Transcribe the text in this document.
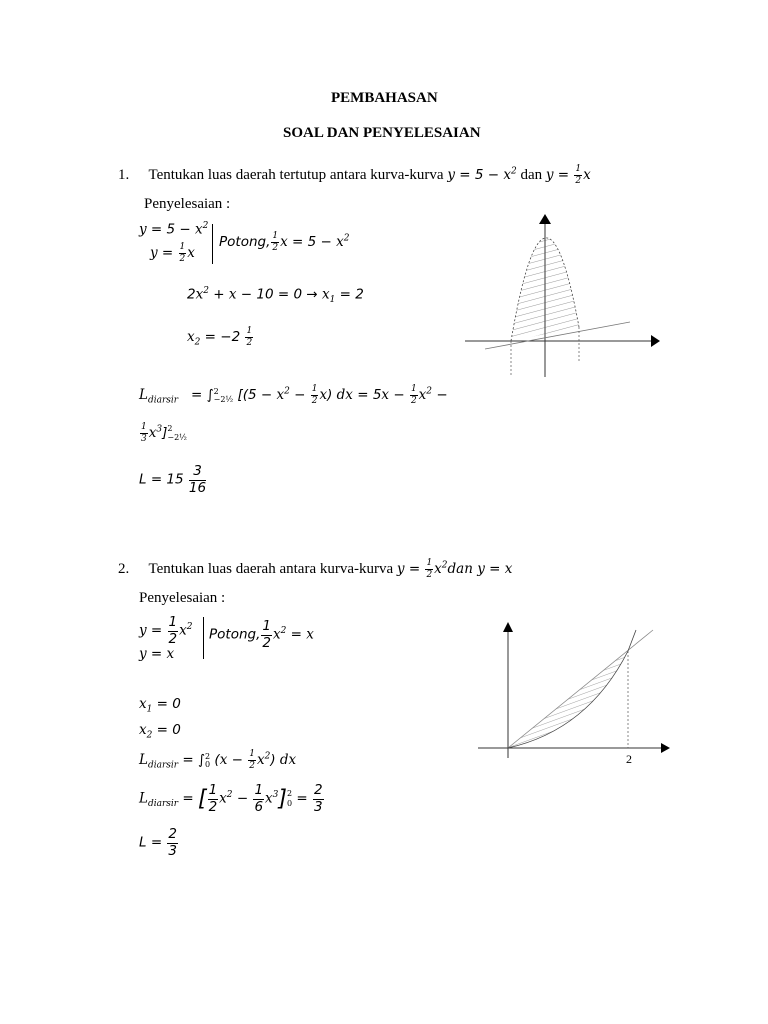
PEMBAHASAN
SOAL DAN PENYELESAIAN
1. Tentukan luas daerah tertutup antara kurva-kurva $y = 5 - x^2$ dan $y = \frac{1}{2}$ x
Penyelesaian :
$y = 5 - x^2$
$y = \frac{1}{2}$ x
Potong, $\frac{1}{2}$ $x = 5 - x^2$
$2x^2 + x - 10 = 0 \to x_1 = 2$
$x_2 = -2 \frac{1}{2}$
$L_{diarsir}$ = ∫ 2
−2½ [$(5 - x^2 - \frac{1}{2} x)$ dx = $5x - \frac{1}{2} x^2$ −
$\frac{1}{3} x^3$] 2
−2½
$L = 15 \frac{3}{16}$
2. Tentukan luas daerah antara kurva-kurva $y = \frac{1}{2} x^2dan$ y = x
Penyelesaian :
$y = \frac{1}{2} x^2$
y = x
Potong, $\frac{1}{2} x^2 = x$
$x_1 = 0$
$x_2 = 0$
$L_{diarsir}$ = ∫ 2
0 $(x - \frac{1}{2} x^2)$ dx
$L_{diarsir}$ = [ $\frac{1}{2} x^2 - \frac{1}{6} x^3$] 2
$0 = \frac{2}{3}$
$L = \frac{2}{3}$
2
